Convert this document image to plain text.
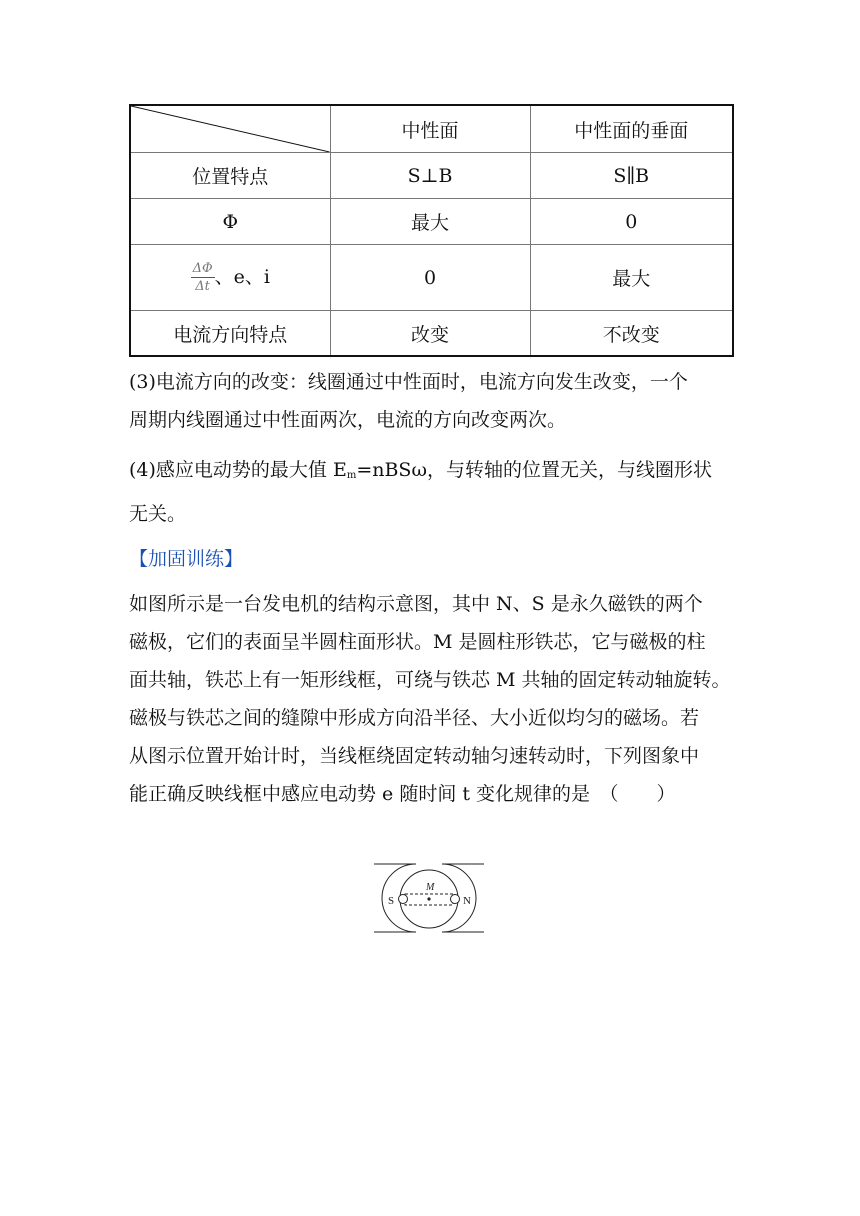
	中性面	中性面的垂面
位置特点	S⊥B	S∥B
Φ	最大	0

$\frac{\Delta\Phi}{\Delta t}$ 、e、i	0	最大
电流方向特点	改变	不改变
(3)电流方向的改变：线圈通过中性面时，电流方向发生改变，一个
周期内线圈通过中性面两次，电流的方向改变两次。
(4)感应电动势的最大值 $E_m=nBS\omega$，与转轴的位置无关，与线圈形状
无关。
【加固训练】
如图所示是一台发电机的结构示意图，其中 N、S 是永久磁铁的两个
磁极，它们的表面呈半圆柱面形状。M 是圆柱形铁芯，它与磁极的柱
面共轴，铁芯上有一矩形线框，可绕与铁芯 M 共轴的固定转动轴旋转。
磁极与铁芯之间的缝隙中形成方向沿半径、大小近似均匀的磁场。若
从图示位置开始计时，当线框绕固定转动轴匀速转动时，下列图象中
能正确反映线框中感应电动势 e 随时间 t 变化规律的是　（　　）
S	N
M
